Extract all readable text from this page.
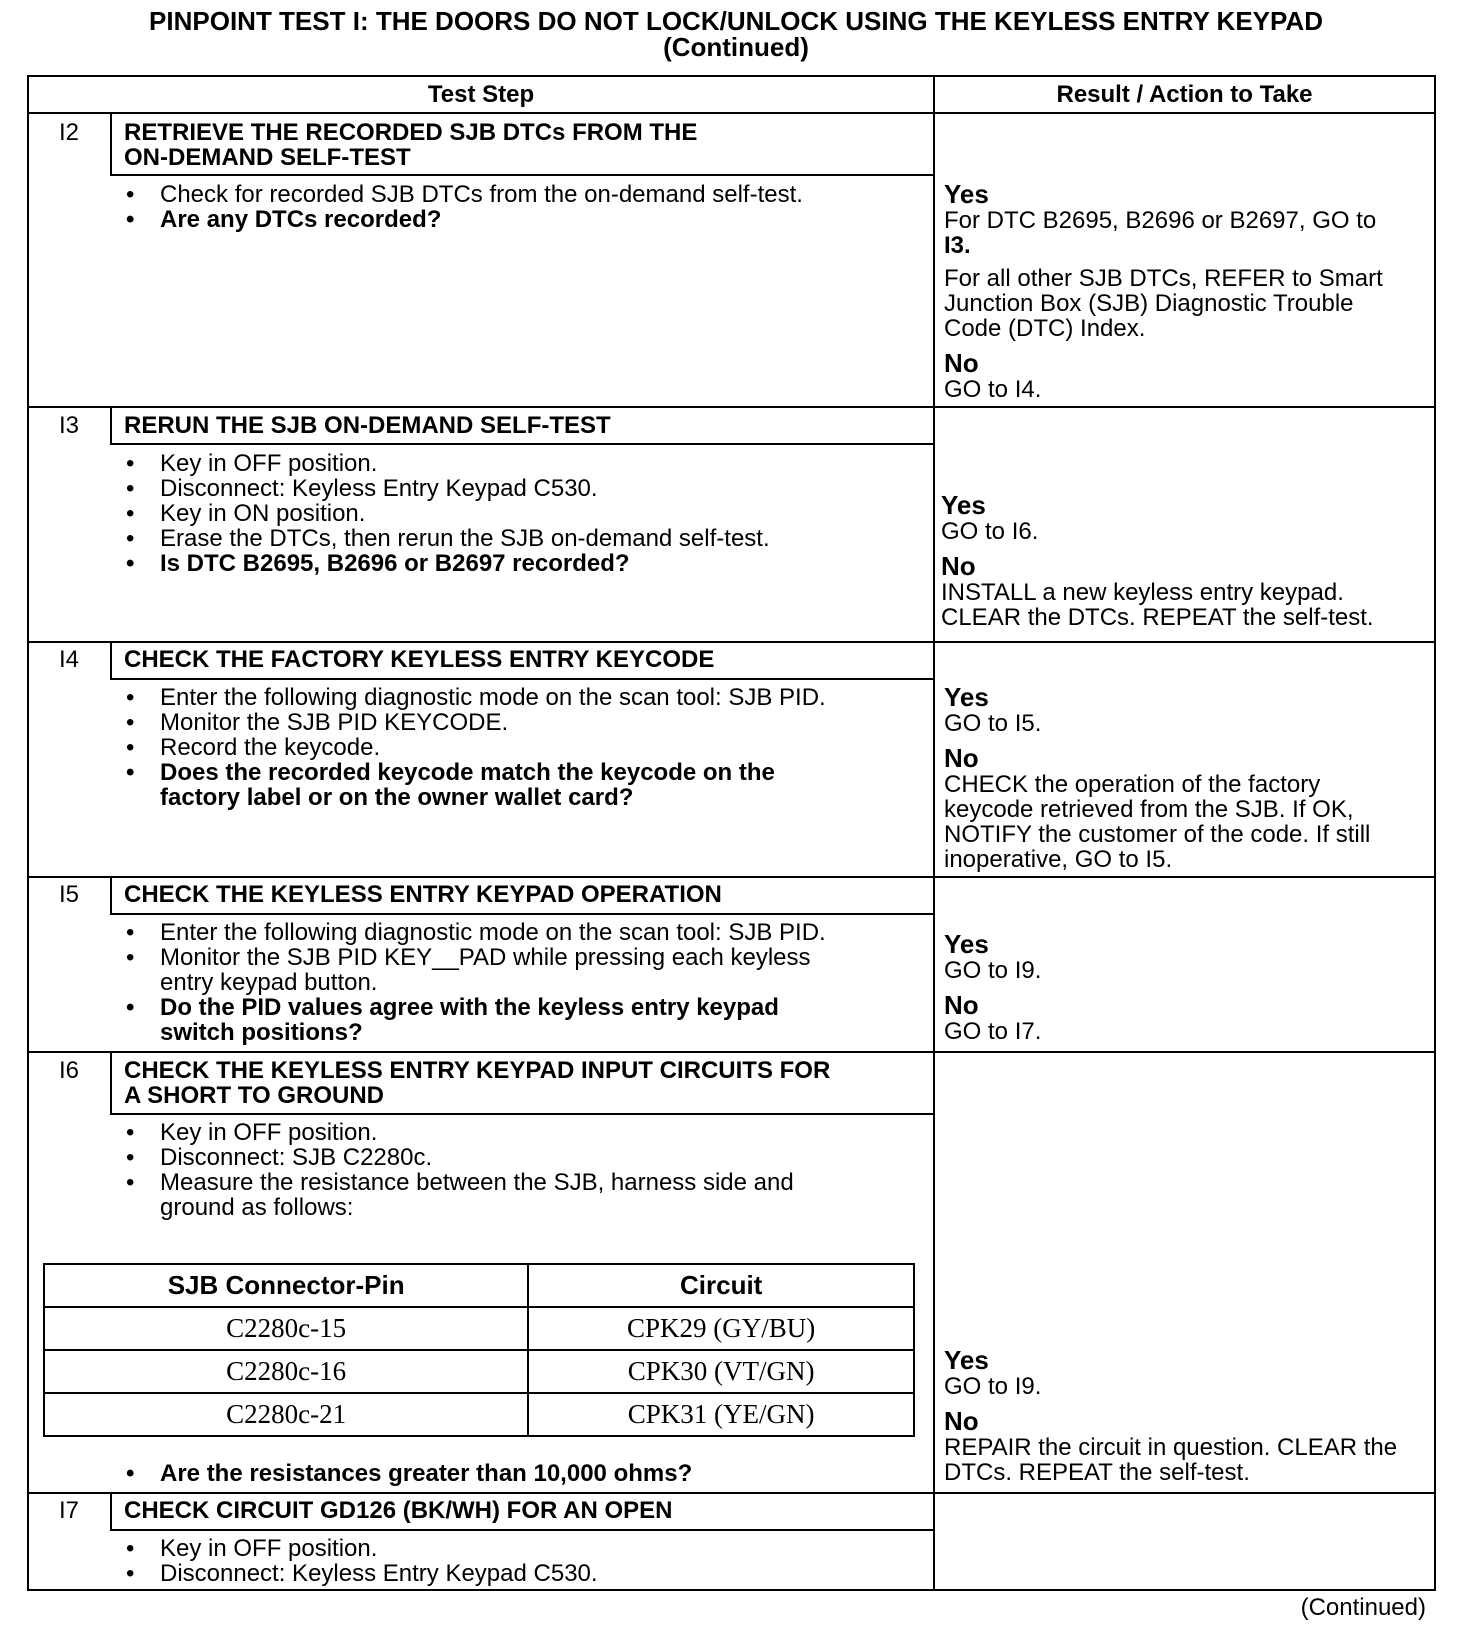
PINPOINT TEST I: THE DOORS DO NOT LOCK/UNLOCK USING THE KEYLESS ENTRY KEYPAD
(Continued)
Test Step	Result / Action to Take
I2	RETRIEVE THE RECORDED SJB DTCs FROM THE
ON-DEMAND SELF-TEST
• Check for recorded SJB DTCs from the on-demand self-test.
• Are any DTCs recorded?
Yes

For DTC B2695, B2696 or B2697, GO to
I3.

For all other SJB DTCs, REFER to Smart
Junction Box (SJB) Diagnostic Trouble
Code (DTC) Index.

No
GO to I4.
I3	RERUN THE SJB ON-DEMAND SELF-TEST
• Key in OFF position.
• Disconnect: Keyless Entry Keypad C530.
• Key in ON position.
• Erase the DTCs, then rerun the SJB on-demand self-test.
• Is DTC B2695, B2696 or B2697 recorded?
Yes

GO to I6.

No
INSTALL a new keyless entry keypad.
CLEAR the DTCs. REPEAT the self-test.
I4	CHECK THE FACTORY KEYLESS ENTRY KEYCODE
• Enter the following diagnostic mode on the scan tool: SJB PID.
• Monitor the SJB PID KEYCODE.
• Record the keycode.
• Does the recorded keycode match the keycode on the
factory label or on the owner wallet card?
Yes

GO to I5.

No
CHECK the operation of the factory
keycode retrieved from the SJB. If OK,
NOTIFY the customer of the code. If still
inoperative, GO to I5.
I5	CHECK THE KEYLESS ENTRY KEYPAD OPERATION
• Enter the following diagnostic mode on the scan tool: SJB PID.
• Monitor the SJB PID KEY__PAD while pressing each keyless
entry keypad button.
• Do the PID values agree with the keyless entry keypad
switch positions?
Yes

GO to I9.

No
GO to I7.
I6	CHECK THE KEYLESS ENTRY KEYPAD INPUT CIRCUITS FOR
A SHORT TO GROUND
• Key in OFF position.
• Disconnect: SJB C2280c.
• Measure the resistance between the SJB, harness side and
ground as follows:
SJB Connector-Pin	Circuit
C2280c-15	CPK29 (GY/BU)
C2280c-16	CPK30 (VT/GN)
C2280c-21	CPK31 (YE/GN)
• Are the resistances greater than 10,000 ohms?
Yes

GO to I9.

No
REPAIR the circuit in question. CLEAR the
DTCs. REPEAT the self-test.
I7	CHECK CIRCUIT GD126 (BK/WH) FOR AN OPEN
• Key in OFF position.
• Disconnect: Keyless Entry Keypad C530.
(Continued)
